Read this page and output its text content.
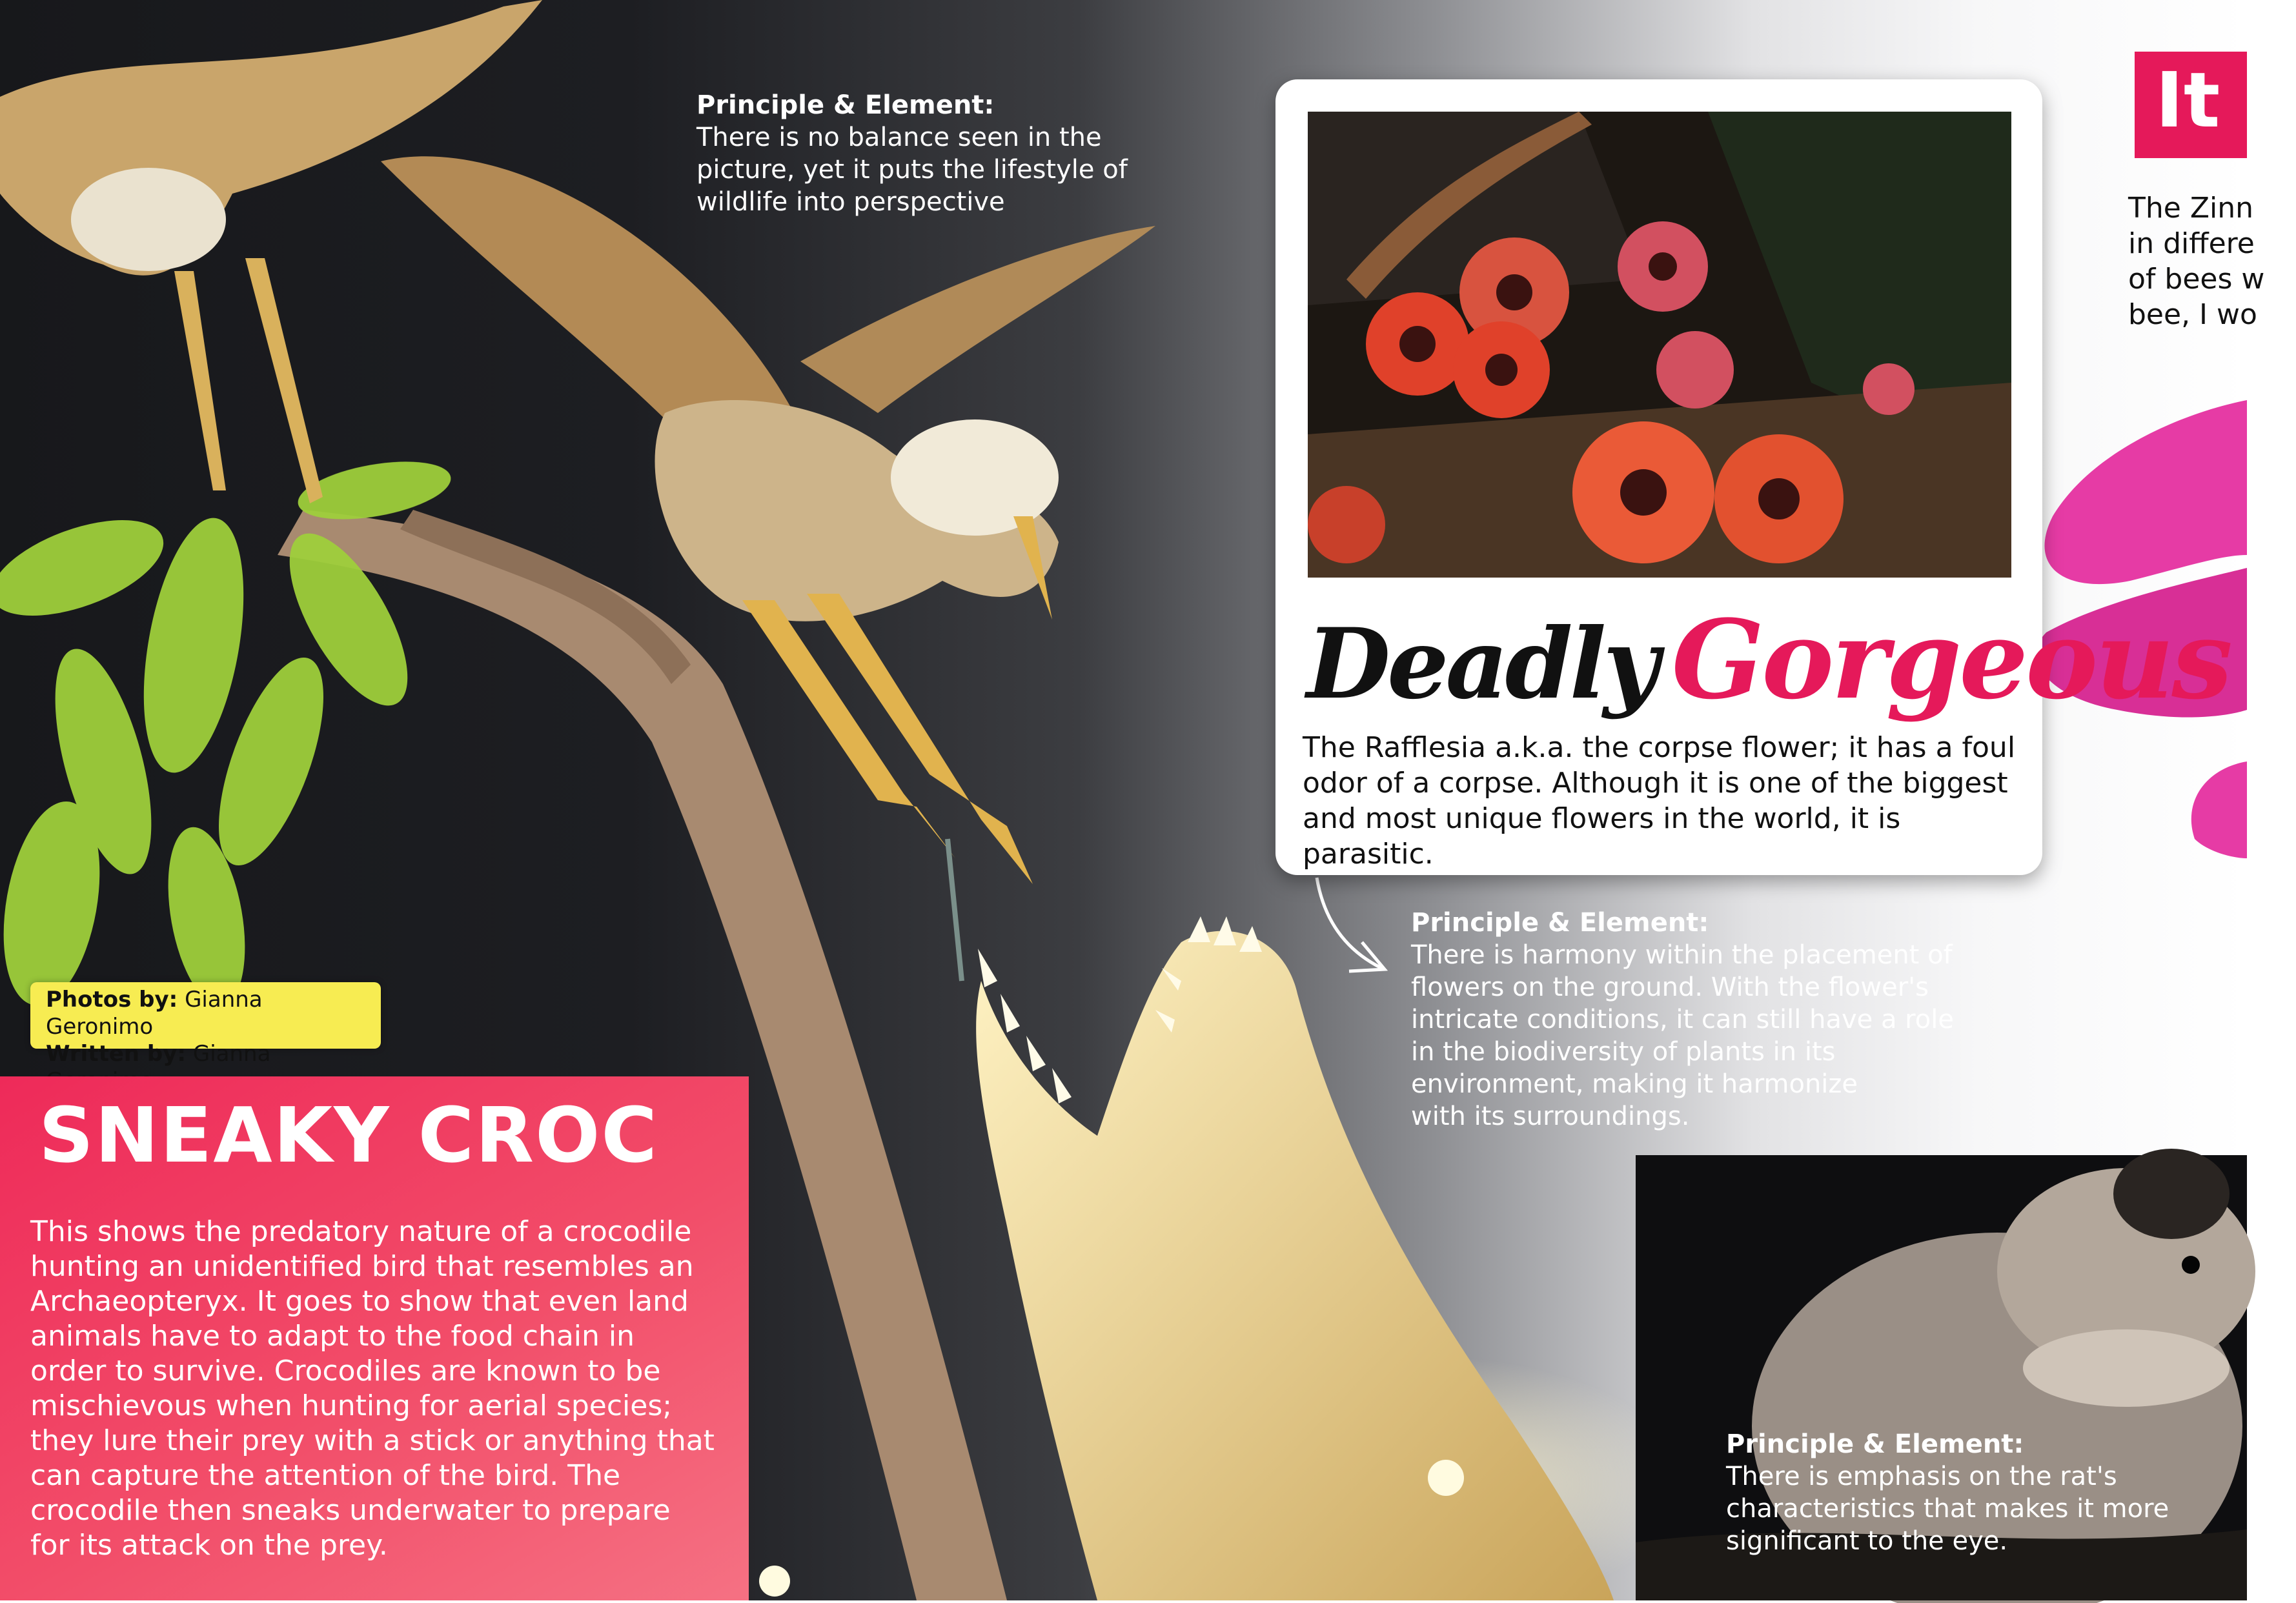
Principle & Element:
There is no balance seen in the
picture, yet it puts the lifestyle of
wildlife into perspective
Photos by: Gianna Geronimo
Written by: Gianna
SNEAKY CROC

This shows the predatory nature of a crocodile hunting an unidentified bird that resembles an Archaeopteryx. It goes to show that even land animals have to adapt to the food chain in order to survive. Crocodiles are known to be mischievous when hunting for aerial species; they lure their prey with a stick or anything that can capture the attention of the bird. The crocodile then sneaks underwater to prepare for its attack on the prey.

Deadly Gorgeous

The Rafflesia a.k.a. the corpse flower; it has a foul odor of a corpse. Although it is one of the biggest and most unique flowers in the world, it is parasitic.

Principle & Element:
There is harmony within the placement of
flowers on the ground. With the flower's
intricate conditions, it can still have a role
in the biodiversity of plants in its
environment, making it harmonize
with its surroundings.
Principle & Element:
There is emphasis on the rat's
characteristics that makes it more
significant to the eye.
It v
The Zinn
in differe
of bees w
bee, I wo
